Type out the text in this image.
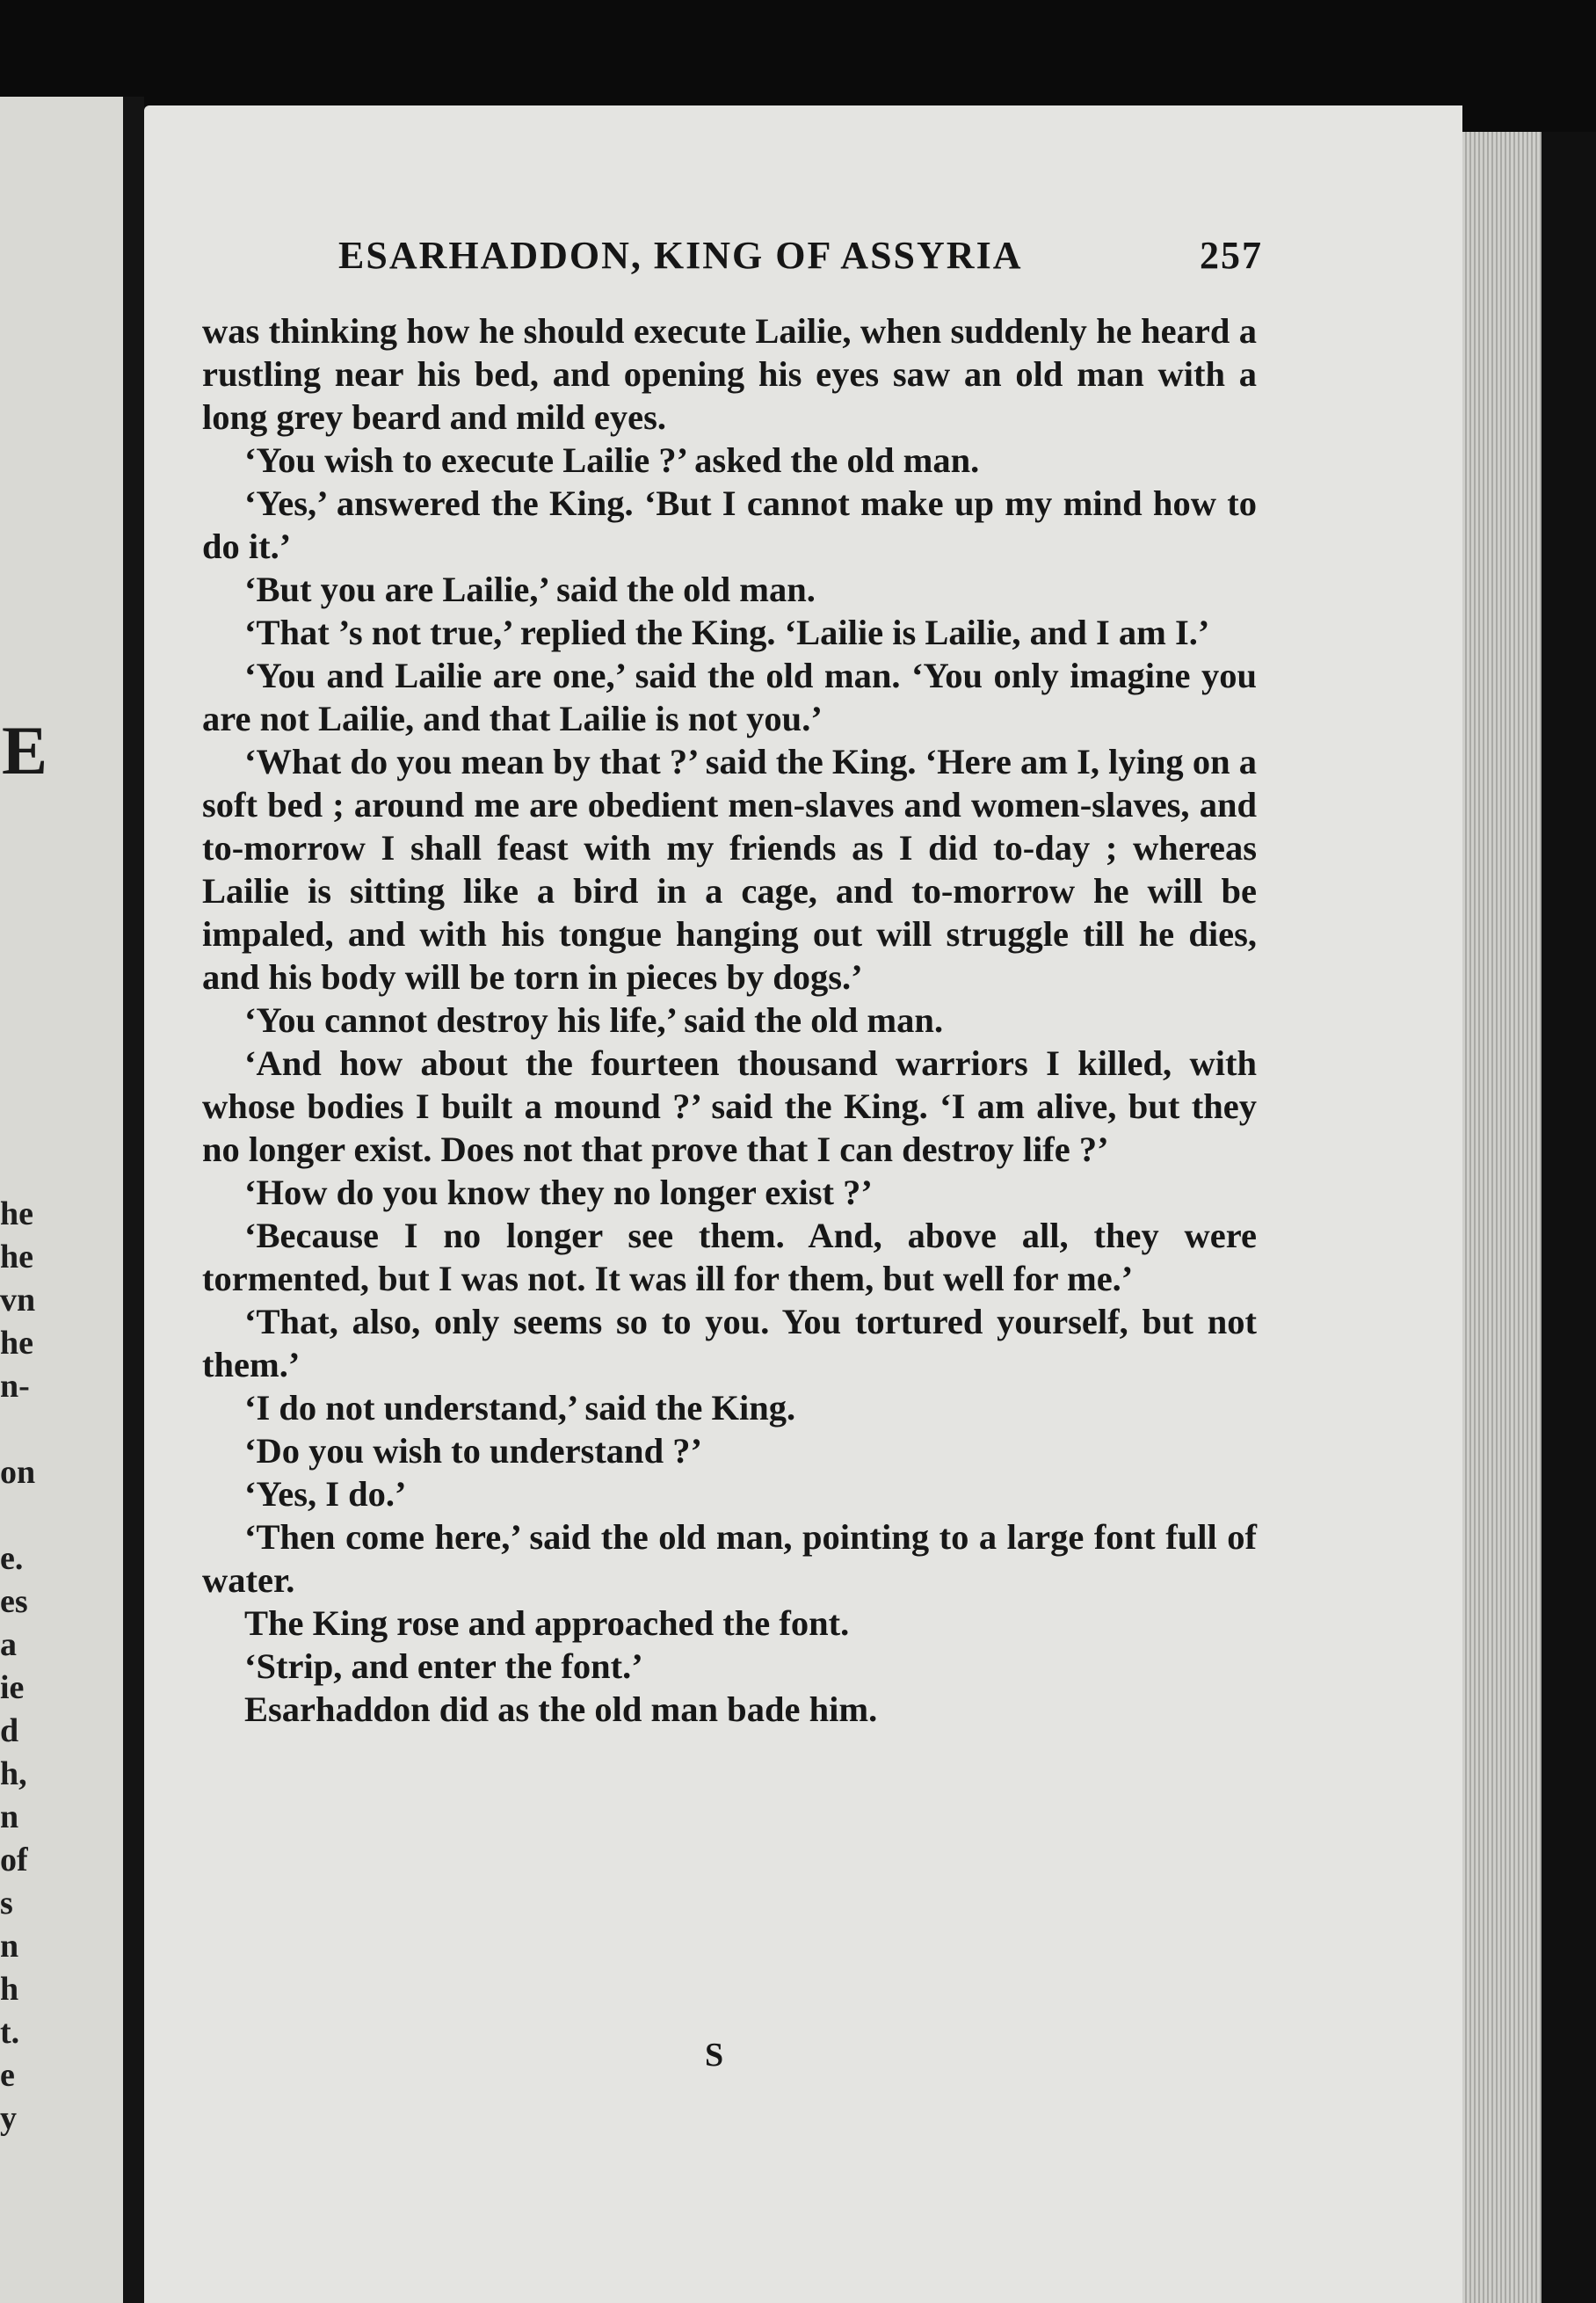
E
he
he
vn
he
n-
on
e.
es
a
ie
d
h,
n
of
s
n
h
t.
e
y
ESARHADDON, KING OF ASSYRIA	257

was thinking how he should execute Lailie, when suddenly he heard a rustling near his bed, and opening his eyes saw an old man with a long grey beard and mild eyes.

‘You wish to execute Lailie ?’ asked the old man.

‘Yes,’ answered the King. ‘But I cannot make up my mind how to do it.’

‘But you are Lailie,’ said the old man.

‘That ’s not true,’ replied the King. ‘Lailie is Lailie, and I am I.’

‘You and Lailie are one,’ said the old man. ‘You only imagine you are not Lailie, and that Lailie is not you.’

‘What do you mean by that ?’ said the King. ‘Here am I, lying on a soft bed ; around me are obedient men-slaves and women-slaves, and to-morrow I shall feast with my friends as I did to-day ; whereas Lailie is sitting like a bird in a cage, and to-morrow he will be impaled, and with his tongue hanging out will struggle till he dies, and his body will be torn in pieces by dogs.’

‘You cannot destroy his life,’ said the old man.

‘And how about the fourteen thousand warriors I killed, with whose bodies I built a mound ?’ said the King. ‘I am alive, but they no longer exist. Does not that prove that I can destroy life ?’

‘How do you know they no longer exist ?’

‘Because I no longer see them. And, above all, they were tormented, but I was not. It was ill for them, but well for me.’

‘That, also, only seems so to you. You tortured yourself, but not them.’

‘I do not understand,’ said the King.

‘Do you wish to understand ?’

‘Yes, I do.’

‘Then come here,’ said the old man, pointing to a large font full of water.

The King rose and approached the font.

‘Strip, and enter the font.’

Esarhaddon did as the old man bade him.

S
